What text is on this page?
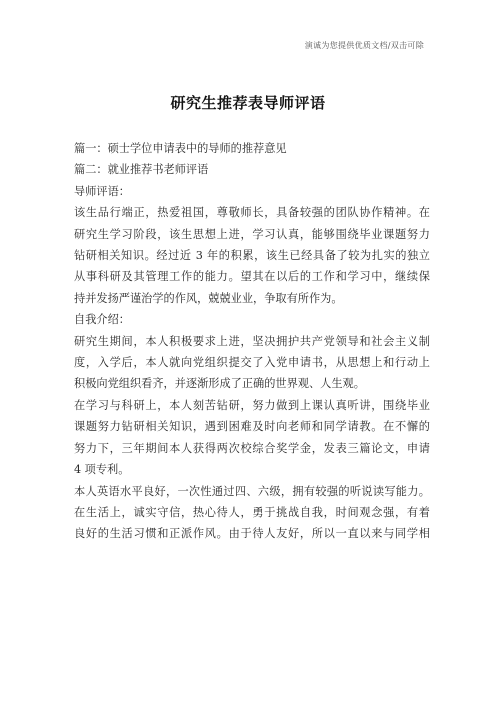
演诚为您提供优质文档/双击可除
研究生推荐表导师评语

篇一：硕士学位申请表中的导师的推荐意见

篇二：就业推荐书老师评语

导师评语：

该生品行端正，热爱祖国，尊敬师长，具备较强的团队协作精神。在

研究生学习阶段，该生思想上进，学习认真，能够围绕毕业课题努力

钻研相关知识。经过近 3 年的积累，该生已经具备了较为扎实的独立

从事科研及其管理工作的能力。望其在以后的工作和学习中，继续保

持并发扬严谨治学的作风，兢兢业业，争取有所作为。

自我介绍：

研究生期间，本人积极要求上进，坚决拥护共产党领导和社会主义制

度，入学后，本人就向党组织提交了入党申请书，从思想上和行动上

积极向党组织看齐，并逐渐形成了正确的世界观、人生观。

在学习与科研上，本人刻苦钻研，努力做到上课认真听讲，围绕毕业

课题努力钻研相关知识，遇到困难及时向老师和同学请教。在不懈的

努力下，三年期间本人获得两次校综合奖学金，发表三篇论文，申请

4 项专利。

本人英语水平良好，一次性通过四、六级，拥有较强的听说读写能力。

在生活上，诚实守信，热心待人，勇于挑战自我，时间观念强，有着

良好的生活习惯和正派作风。由于待人友好，所以一直以来与同学相
